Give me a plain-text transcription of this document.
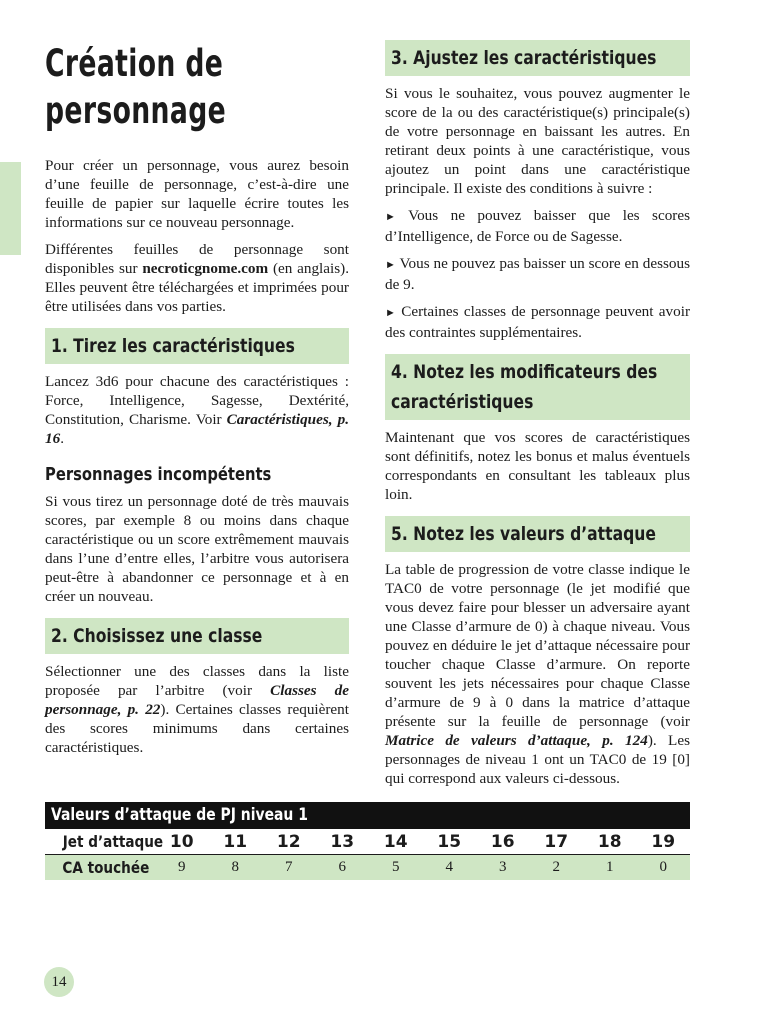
Création de
personnage

Pour créer un personnage, vous aurez besoin d’une feuille de personnage, c’est-à-dire une feuille de papier sur laquelle écrire toutes les informations sur ce nouveau personnage.

Différentes feuilles de personnage sont disponibles sur necroticgnome.com (en anglais). Elles peuvent être téléchargées et imprimées pour être utilisées dans vos parties.

1. Tirez les caractéristiques

Lancez 3d6 pour chacune des caractéristiques : Force, Intelligence, Sagesse, Dextérité, Constitution, Charisme. Voir Caractéristiques, p. 16.

Personnages incompétents

Si vous tirez un personnage doté de très mauvais scores, par exemple 8 ou moins dans chaque caractéristique ou un score extrêmement mauvais dans l’une d’entre elles, l’arbitre vous autorisera peut-être à abandonner ce personnage et à en créer un nouveau.

2. Choisissez une classe

Sélectionner une des classes dans la liste proposée par l’arbitre (voir Classes de personnage, p. 22). Certaines classes requièrent des scores minimums dans certaines caractéristiques.

3. Ajustez les caractéristiques

Si vous le souhaitez, vous pouvez augmenter le score de la ou des caractéristique(s) principale(s) de votre personnage en baissant les autres. En retirant deux points à une caractéristique, vous ajoutez un point dans une caractéristique principale. Il existe des conditions à suivre :

► Vous ne pouvez baisser que les scores d’Intelligence, de Force ou de Sagesse.

► Vous ne pouvez pas baisser un score en dessous de 9.

► Certaines classes de personnage peuvent avoir des contraintes supplémentaires.

4. Notez les modificateurs des caractéristiques

Maintenant que vos scores de caractéristiques sont définitifs, notez les bonus et malus éventuels correspondants en consultant les tableaux plus loin.

5. Notez les valeurs d’attaque

La table de progression de votre classe indique le TAC0 de votre personnage (le jet modifié que vous devez faire pour blesser un adversaire ayant une Classe d’armure de 0) à chaque niveau. Vous pouvez en déduire le jet d’attaque nécessaire pour toucher chaque Classe d’armure. On reporte souvent les jets nécessaires pour chaque Classe d’armure de 9 à 0 dans la matrice d’attaque présente sur la feuille de personnage (voir Matrice de valeurs d’attaque, p. 124). Les personnages de niveau 1 ont un TAC0 de 19 [0] qui correspond aux valeurs ci-dessous.

Valeurs d’attaque de PJ niveau 1
Jet d’attaque 10	11	12	13	14	15	16	17	18	19
CA touchée	9	8	7	6	5	4	3	2	1	0
14
